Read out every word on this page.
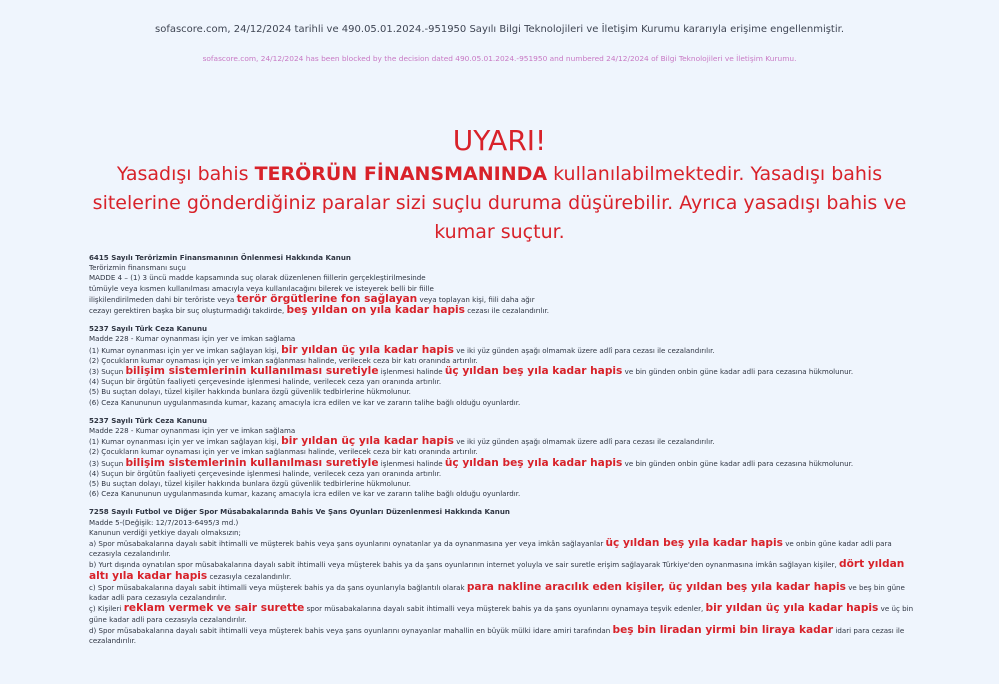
sofascore.com, 24/12/2024 tarihli ve 490.05.01.2024.-951950 Sayılı Bilgi Teknolojileri ve İletişim Kurumu kararıyla erişime engellenmiştir.
sofascore.com, 24/12/2024 has been blocked by the decision dated 490.05.01.2024.-951950 and numbered 24/12/2024 of Bilgi Teknolojileri ve İletişim Kurumu.
UYARI!
Yasadışı bahis TERÖRÜN FİNANSMANINDA kullanılabilmektedir. Yasadışı bahis sitelerine gönderdiğiniz paralar sizi suçlu duruma düşürebilir. Ayrıca yasadışı bahis ve kumar suçtur.
6415 Sayılı Terörizmin Finansmanının Önlenmesi Hakkında Kanun
Terörizmin finansmanı suçu
MADDE 4 – (1) 3 üncü madde kapsamında suç olarak düzenlenen fiillerin gerçekleştirilmesinde
tümüyle veya kısmen kullanılması amacıyla veya kullanılacağını bilerek ve isteyerek belli bir fiille
ilişkilendirilmeden dahi bir teröriste veya terör örgütlerine fon sağlayan veya toplayan kişi, fiili daha ağır
cezayı gerektiren başka bir suç oluşturmadığı takdirde, beş yıldan on yıla kadar hapis cezası ile cezalandırılır.
5237 Sayılı Türk Ceza Kanunu
Madde 228 - Kumar oynanması için yer ve imkan sağlama
(1) Kumar oynanması için yer ve imkan sağlayan kişi, bir yıldan üç yıla kadar hapis ve iki yüz günden aşağı olmamak üzere adlî para cezası ile cezalandırılır.
(2) Çocukların kumar oynaması için yer ve imkan sağlanması halinde, verilecek ceza bir katı oranında artırılır.
(3) Suçun bilişim sistemlerinin kullanılması suretiyle işlenmesi halinde üç yıldan beş yıla kadar hapis ve bin günden onbin güne kadar adli para cezasına hükmolunur.
(4) Suçun bir örgütün faaliyeti çerçevesinde işlenmesi halinde, verilecek ceza yarı oranında artırılır.
(5) Bu suçtan dolayı, tüzel kişiler hakkında bunlara özgü güvenlik tedbirlerine hükmolunur.
(6) Ceza Kanununun uygulanmasında kumar, kazanç amacıyla icra edilen ve kar ve zararın talihe bağlı olduğu oyunlardır.
5237 Sayılı Türk Ceza Kanunu
Madde 228 - Kumar oynanması için yer ve imkan sağlama
(1) Kumar oynanması için yer ve imkan sağlayan kişi, bir yıldan üç yıla kadar hapis ve iki yüz günden aşağı olmamak üzere adlî para cezası ile cezalandırılır.
(2) Çocukların kumar oynaması için yer ve imkan sağlanması halinde, verilecek ceza bir katı oranında artırılır.
(3) Suçun bilişim sistemlerinin kullanılması suretiyle işlenmesi halinde üç yıldan beş yıla kadar hapis ve bin günden onbin güne kadar adli para cezasına hükmolunur.
(4) Suçun bir örgütün faaliyeti çerçevesinde işlenmesi halinde, verilecek ceza yarı oranında artırılır.
(5) Bu suçtan dolayı, tüzel kişiler hakkında bunlara özgü güvenlik tedbirlerine hükmolunur.
(6) Ceza Kanununun uygulanmasında kumar, kazanç amacıyla icra edilen ve kar ve zararın talihe bağlı olduğu oyunlardır.
7258 Sayılı Futbol ve Diğer Spor Müsabakalarında Bahis Ve Şans Oyunları Düzenlenmesi Hakkında Kanun
Madde 5-(Değişik: 12/7/2013-6495/3 md.)
Kanunun verdiği yetkiye dayalı olmaksızın;
a) Spor müsabakalarına dayalı sabit ihtimalli ve müşterek bahis veya şans oyunlarını oynatanlar ya da oynanmasına yer veya imkân sağlayanlar üç yıldan beş yıla kadar hapis ve onbin güne kadar adli para cezasıyla cezalandırılır.
b) Yurt dışında oynatılan spor müsabakalarına dayalı sabit ihtimalli veya müşterek bahis ya da şans oyunlarının internet yoluyla ve sair suretle erişim sağlayarak Türkiye'den oynanmasına imkân sağlayan kişiler, dört yıldan altı yıla kadar hapis cezasıyla cezalandırılır.
c) Spor müsabakalarına dayalı sabit ihtimalli veya müşterek bahis ya da şans oyunlarıyla bağlantılı olarak para nakline aracılık eden kişiler, üç yıldan beş yıla kadar hapis ve beş bin güne kadar adli para cezasıyla cezalandırılır.
ç) Kişileri reklam vermek ve sair surette spor müsabakalarına dayalı sabit ihtimalli veya müşterek bahis ya da şans oyunlarını oynamaya teşvik edenler, bir yıldan üç yıla kadar hapis ve üç bin güne kadar adli para cezasıyla cezalandırılır.
d) Spor müsabakalarına dayalı sabit ihtimalli veya müşterek bahis veya şans oyunlarını oynayanlar mahallin en büyük mülki idare amiri tarafından beş bin liradan yirmi bin liraya kadar idari para cezası ile cezalandırılır.
